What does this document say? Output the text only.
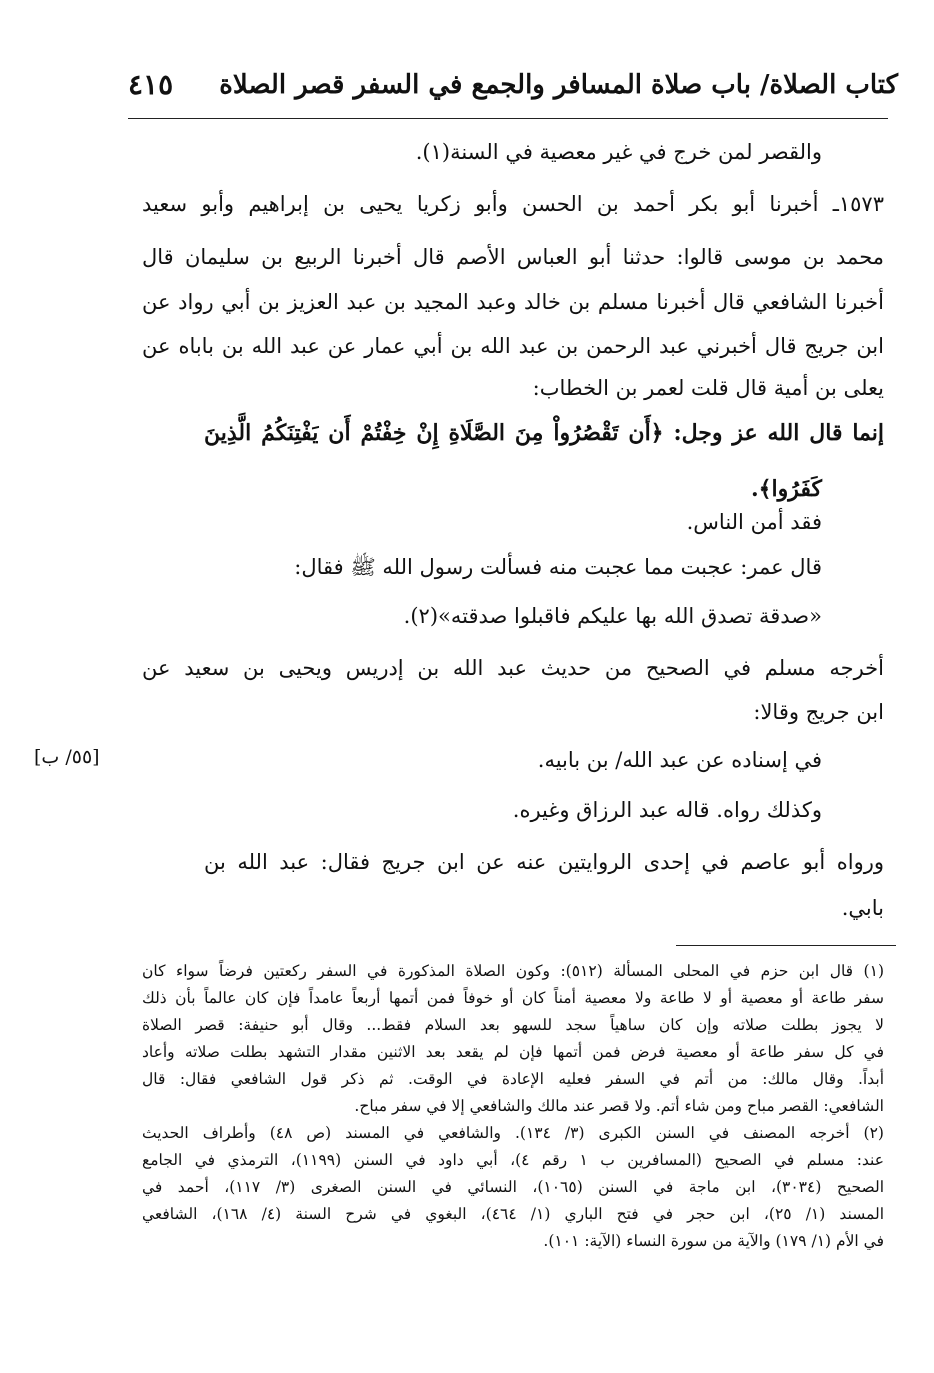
كتاب الصلاة/ باب صلاة المسافر والجمع في السفر قصر الصلاة
٤١٥
والقصر لمن خرج في غير معصية في السنة(١).
١٥٧٣ـ أخبرنا أبو بكر أحمد بن الحسن وأبو زكريا يحيى بن إبراهيم وأبو سعيد
محمد بن موسى قالوا: حدثنا أبو العباس الأصم قال أخبرنا الربيع بن سليمان قال
أخبرنا الشافعي قال أخبرنا مسلم بن خالد وعبد المجيد بن عبد العزيز بن أبي رواد عن
ابن جريج قال أخبرني عبد الرحمن بن عبد الله بن أبي عمار عن عبد الله بن باباه عن
يعلى بن أمية قال قلت لعمر بن الخطاب:
إنما قال الله عز وجل: ﴿أَن تَقْصُرُواْ مِنَ الصَّلَاةِ إِنْ خِفْتُمْ أَن يَفْتِنَكُمُ الَّذِينَ
كَفَرُوا﴾.
فقد أمن الناس.
قال عمر: عجبت مما عجبت منه فسألت رسول الله ﷺ فقال:
«صدقة تصدق الله بها عليكم فاقبلوا صدقته»(٢).
أخرجه مسلم في الصحيح من حديث عبد الله بن إدريس ويحيى بن سعيد عن
ابن جريج وقالا:
في إسناده عن عبد الله/ بن بابيه.
وكذلك رواه. قاله عبد الرزاق وغيره.
ورواه أبو عاصم في إحدى الروايتين عنه عن ابن جريج فقال: عبد الله بن
بابي.
[٥٥/ ب]
(١) قال ابن حزم في المحلى المسألة (٥١٢): وكون الصلاة المذكورة في السفر ركعتين فرضاً سواء كان
سفر طاعة أو معصية أو لا طاعة ولا معصية أمناً كان أو خوفاً فمن أتمها أربعاً عامداً فإن كان عالماً بأن ذلك
لا يجوز بطلت صلاته وإن كان ساهياً سجد للسهو بعد السلام فقط... وقال أبو حنيفة: قصر الصلاة
في كل سفر طاعة أو معصية فرض فمن أتمها فإن لم يقعد بعد الاثنين مقدار التشهد بطلت صلاته وأعاد
أبداً. وقال مالك: من أتم في السفر فعليه الإعادة في الوقت. ثم ذكر قول الشافعي فقال: قال
الشافعي: القصر مباح ومن شاء أتم. ولا قصر عند مالك والشافعي إلا في سفر مباح.
(٢) أخرجه المصنف في السنن الكبرى (٣/ ١٣٤). والشافعي في المسند (ص ٤٨) وأطراف الحديث
عند: مسلم في الصحيح (المسافرين ب ١ رقم ٤)، أبي داود في السنن (١١٩٩)، الترمذي في الجامع
الصحيح (٣٠٣٤)، ابن ماجة في السنن (١٠٦٥)، النسائي في السنن الصغرى (٣/ ١١٧)، أحمد في
المسند (١/ ٢٥)، ابن حجر في فتح الباري (١/ ٤٦٤)، البغوي في شرح السنة (٤/ ١٦٨)، الشافعي
في الأم (١/ ١٧٩) والآية من سورة النساء (الآية: ١٠١).
